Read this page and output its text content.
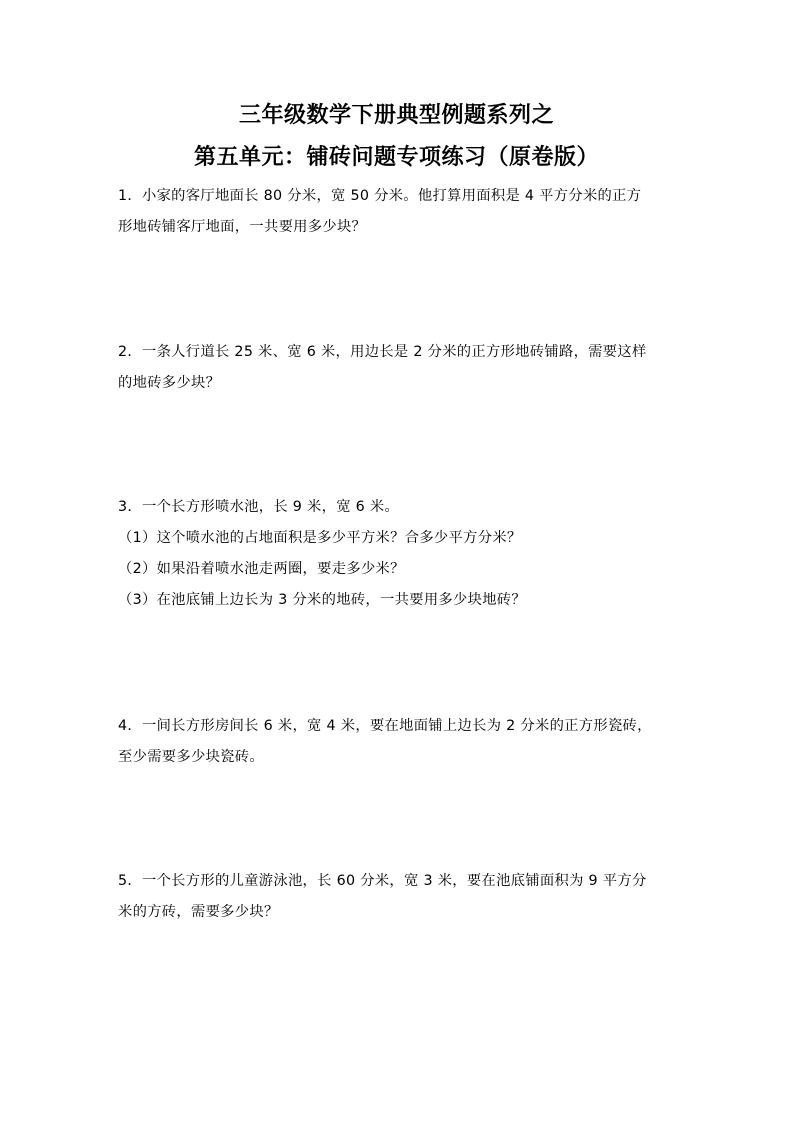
三年级数学下册典型例题系列之
第五单元：铺砖问题专项练习（原卷版）
1．小家的客厅地面长 80 分米，宽 50 分米。他打算用面积是 4 平方分米的正方
形地砖铺客厅地面，一共要用多少块？
2．一条人行道长 25 米、宽 6 米，用边长是 2 分米的正方形地砖铺路，需要这样
的地砖多少块？
3．一个长方形喷水池，长 9 米，宽 6 米。
（1）这个喷水池的占地面积是多少平方米？合多少平方分米？
（2）如果沿着喷水池走两圈，要走多少米？
（3）在池底铺上边长为 3 分米的地砖，一共要用多少块地砖？
4．一间长方形房间长 6 米，宽 4 米，要在地面铺上边长为 2 分米的正方形瓷砖，
至少需要多少块瓷砖。
5．一个长方形的儿童游泳池，长 60 分米，宽 3 米，要在池底铺面积为 9 平方分
米的方砖，需要多少块？
